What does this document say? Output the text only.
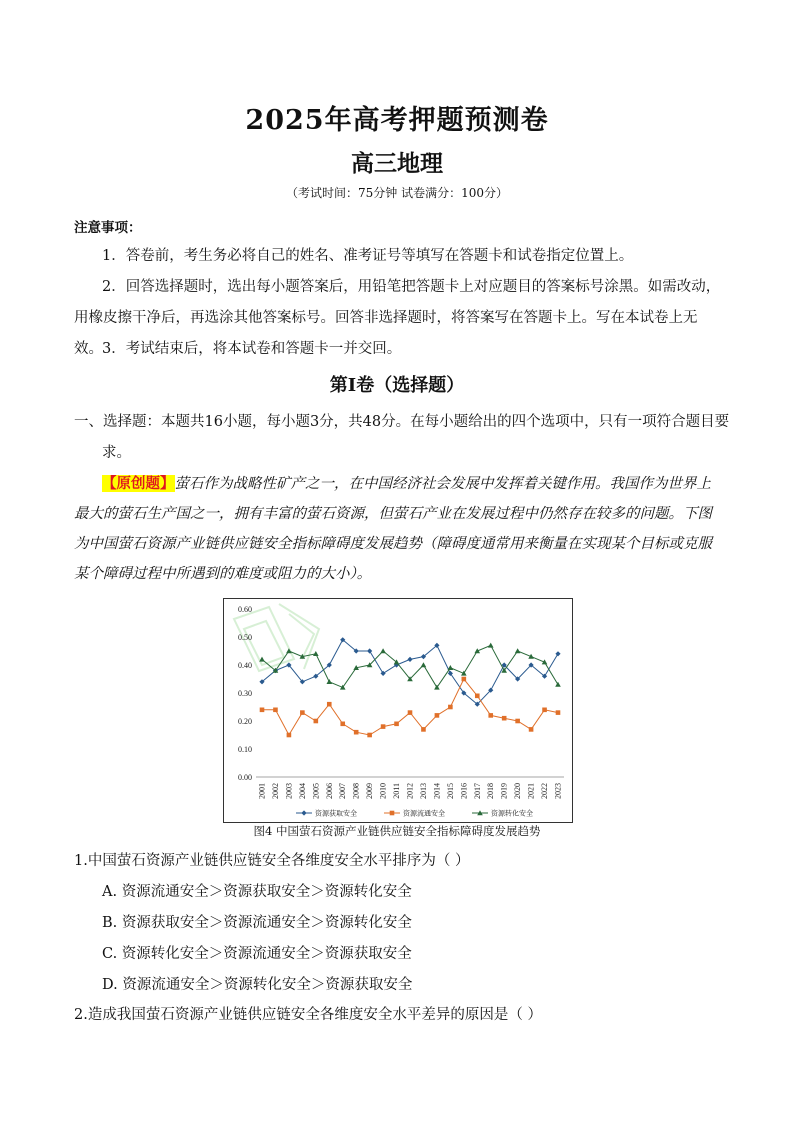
2025年高考押题预测卷
高三地理
（考试时间：75分钟 试卷满分：100分）
注意事项：
1．答卷前，考生务必将自己的姓名、准考证号等填写在答题卡和试卷指定位置上。
2．回答选择题时，选出每小题答案后，用铅笔把答题卡上对应题目的答案标号涂黑。如需改动，用橡皮擦干净后，再选涂其他答案标号。回答非选择题时，将答案写在答题卡上。写在本试卷上无效。 3．考试结束后，将本试卷和答题卡一并交回。
第Ⅰ卷（选择题）
一、选择题：本题共16小题，每小题3分，共48分。在每小题给出的四个选项中，只有一项符合题目要求。
【原创题】萤石作为战略性矿产之一，在中国经济社会发展中发挥着关键作用。我国作为世界上最大的萤石生产国之一，拥有丰富的萤石资源，但萤石产业在发展过程中仍然存在较多的问题。下图为中国萤石资源产业链供应链安全指标障碍度发展趋势（障碍度通常用来衡量在实现某个目标或克服某个障碍过程中所遇到的难度或阻力的大小）。
0.00
0.10
0.20
0.30
0.40
0.50
0.60
2001 2002 2003 2004 2005 2006 2007 2008 2009 2010 2011 2012 2013 2014 2015 2016 2017 2018 2019 2020 2021 2022 2023
资源获取安全	资源流通安全	资源转化安全
图4 中国萤石资源产业链供应链安全指标障碍度发展趋势
1.中国萤石资源产业链供应链安全各维度安全水平排序为（ ）
A. 资源流通安全＞资源获取安全＞资源转化安全
B. 资源获取安全＞资源流通安全＞资源转化安全
C. 资源转化安全＞资源流通安全＞资源获取安全
D. 资源流通安全＞资源转化安全＞资源获取安全
2.造成我国萤石资源产业链供应链安全各维度安全水平差异的原因是（ ）
